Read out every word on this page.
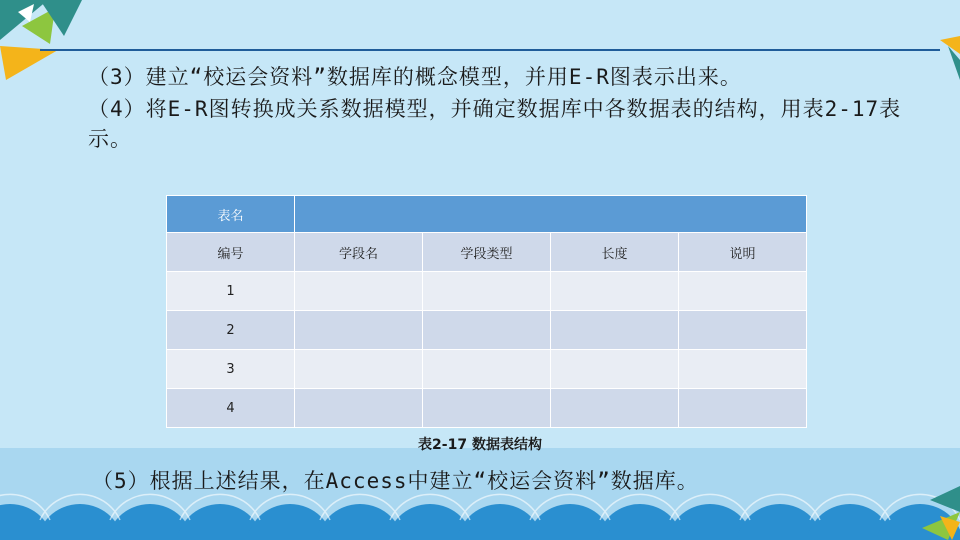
（3）建立“校运会资料”数据库的概念模型，并用E-R图表示出来。
（4）将E-R图转换成关系数据模型，并确定数据库中各数据表的结构，用表2-17表示。
表名				
编号	学段名	学段类型	长度	说明
1				
2				
3				
4				
表2-17 数据表结构
（5）根据上述结果，在Access中建立“校运会资料”数据库。
